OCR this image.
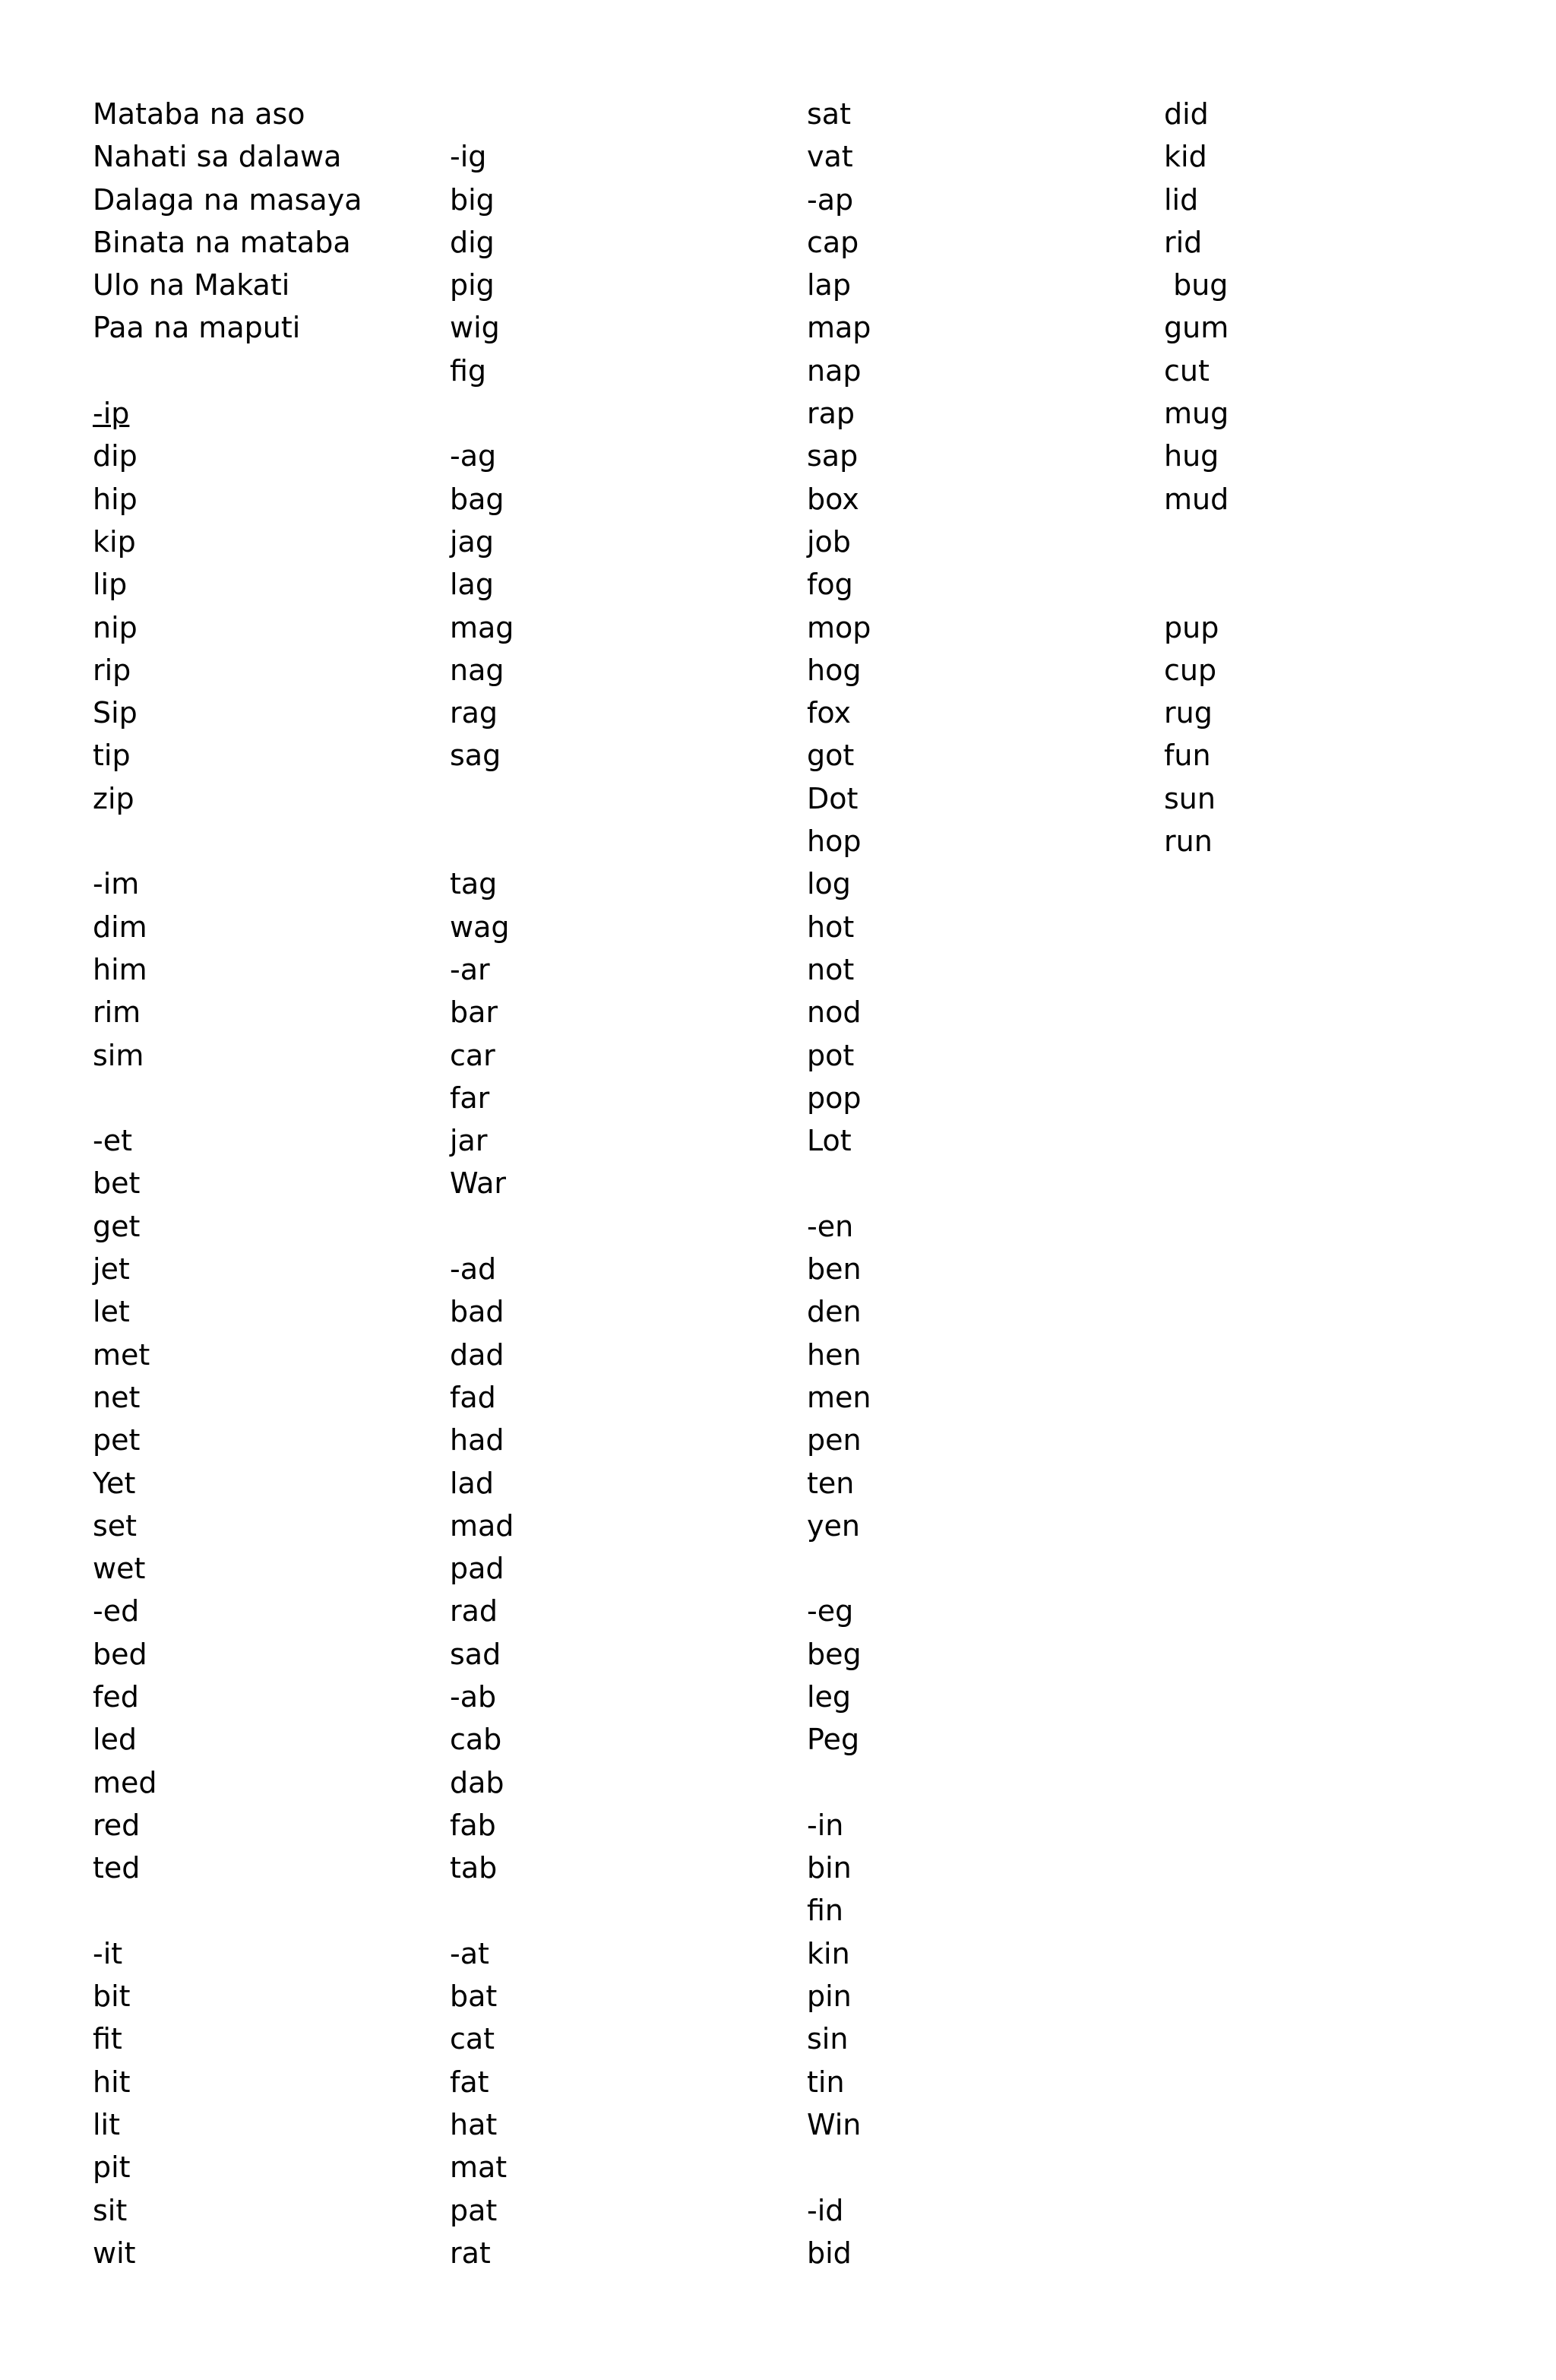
Mataba na aso
Nahati sa dalawa
Dalaga na masaya
Binata na mataba
Ulo na Makati
Paa na maputi
-ip
dip
hip
kip
lip
nip
rip
Sip
tip
zip
-im
dim
him
rim
sim
-et
bet
get
jet
let
met
net
pet
Yet
set
wet
-ed
bed
fed
led
med
red
ted
-it
bit
fit
hit
lit
pit
sit
wit
-ig
big
dig
pig
wig
fig
-ag
bag
jag
lag
mag
nag
rag
sag
tag
wag
-ar
bar
car
far
jar
War
-ad
bad
dad
fad
had
lad
mad
pad
rad
sad
-ab
cab
dab
fab
tab
-at
bat
cat
fat
hat
mat
pat
rat
sat
vat
-ap
cap
lap
map
nap
rap
sap
box
job
fog
mop
hog
fox
got
Dot
hop
log
hot
not
nod
pot
pop
Lot
-en
ben
den
hen
men
pen
ten
yen
-eg
beg
leg
Peg
-in
bin
fin
kin
pin
sin
tin
Win
-id
bid
did
kid
lid
rid
bug
gum
cut
mug
hug
mud
pup
cup
rug
fun
sun
run
